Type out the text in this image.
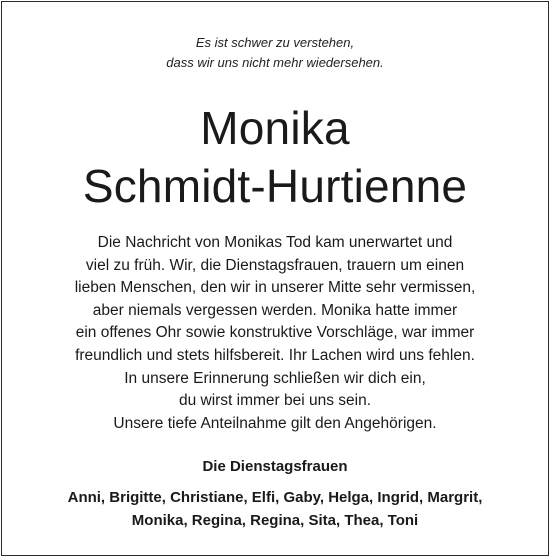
Es ist schwer zu verstehen,
dass wir uns nicht mehr wiedersehen.
Monika
Schmidt-Hurtienne
Die Nachricht von Monikas Tod kam unerwartet und
viel zu früh. Wir, die Dienstagsfrauen, trauern um einen
lieben Menschen, den wir in unserer Mitte sehr vermissen,
aber niemals vergessen werden. Monika hatte immer
ein offenes Ohr sowie konstruktive Vorschläge, war immer
freundlich und stets hilfsbereit. Ihr Lachen wird uns fehlen.
In unsere Erinnerung schließen wir dich ein,
du wirst immer bei uns sein.
Unsere tiefe Anteilnahme gilt den Angehörigen.
Die Dienstagsfrauen
Anni, Brigitte, Christiane, Elfi, Gaby, Helga, Ingrid, Margrit,
Monika, Regina, Regina, Sita, Thea, Toni
